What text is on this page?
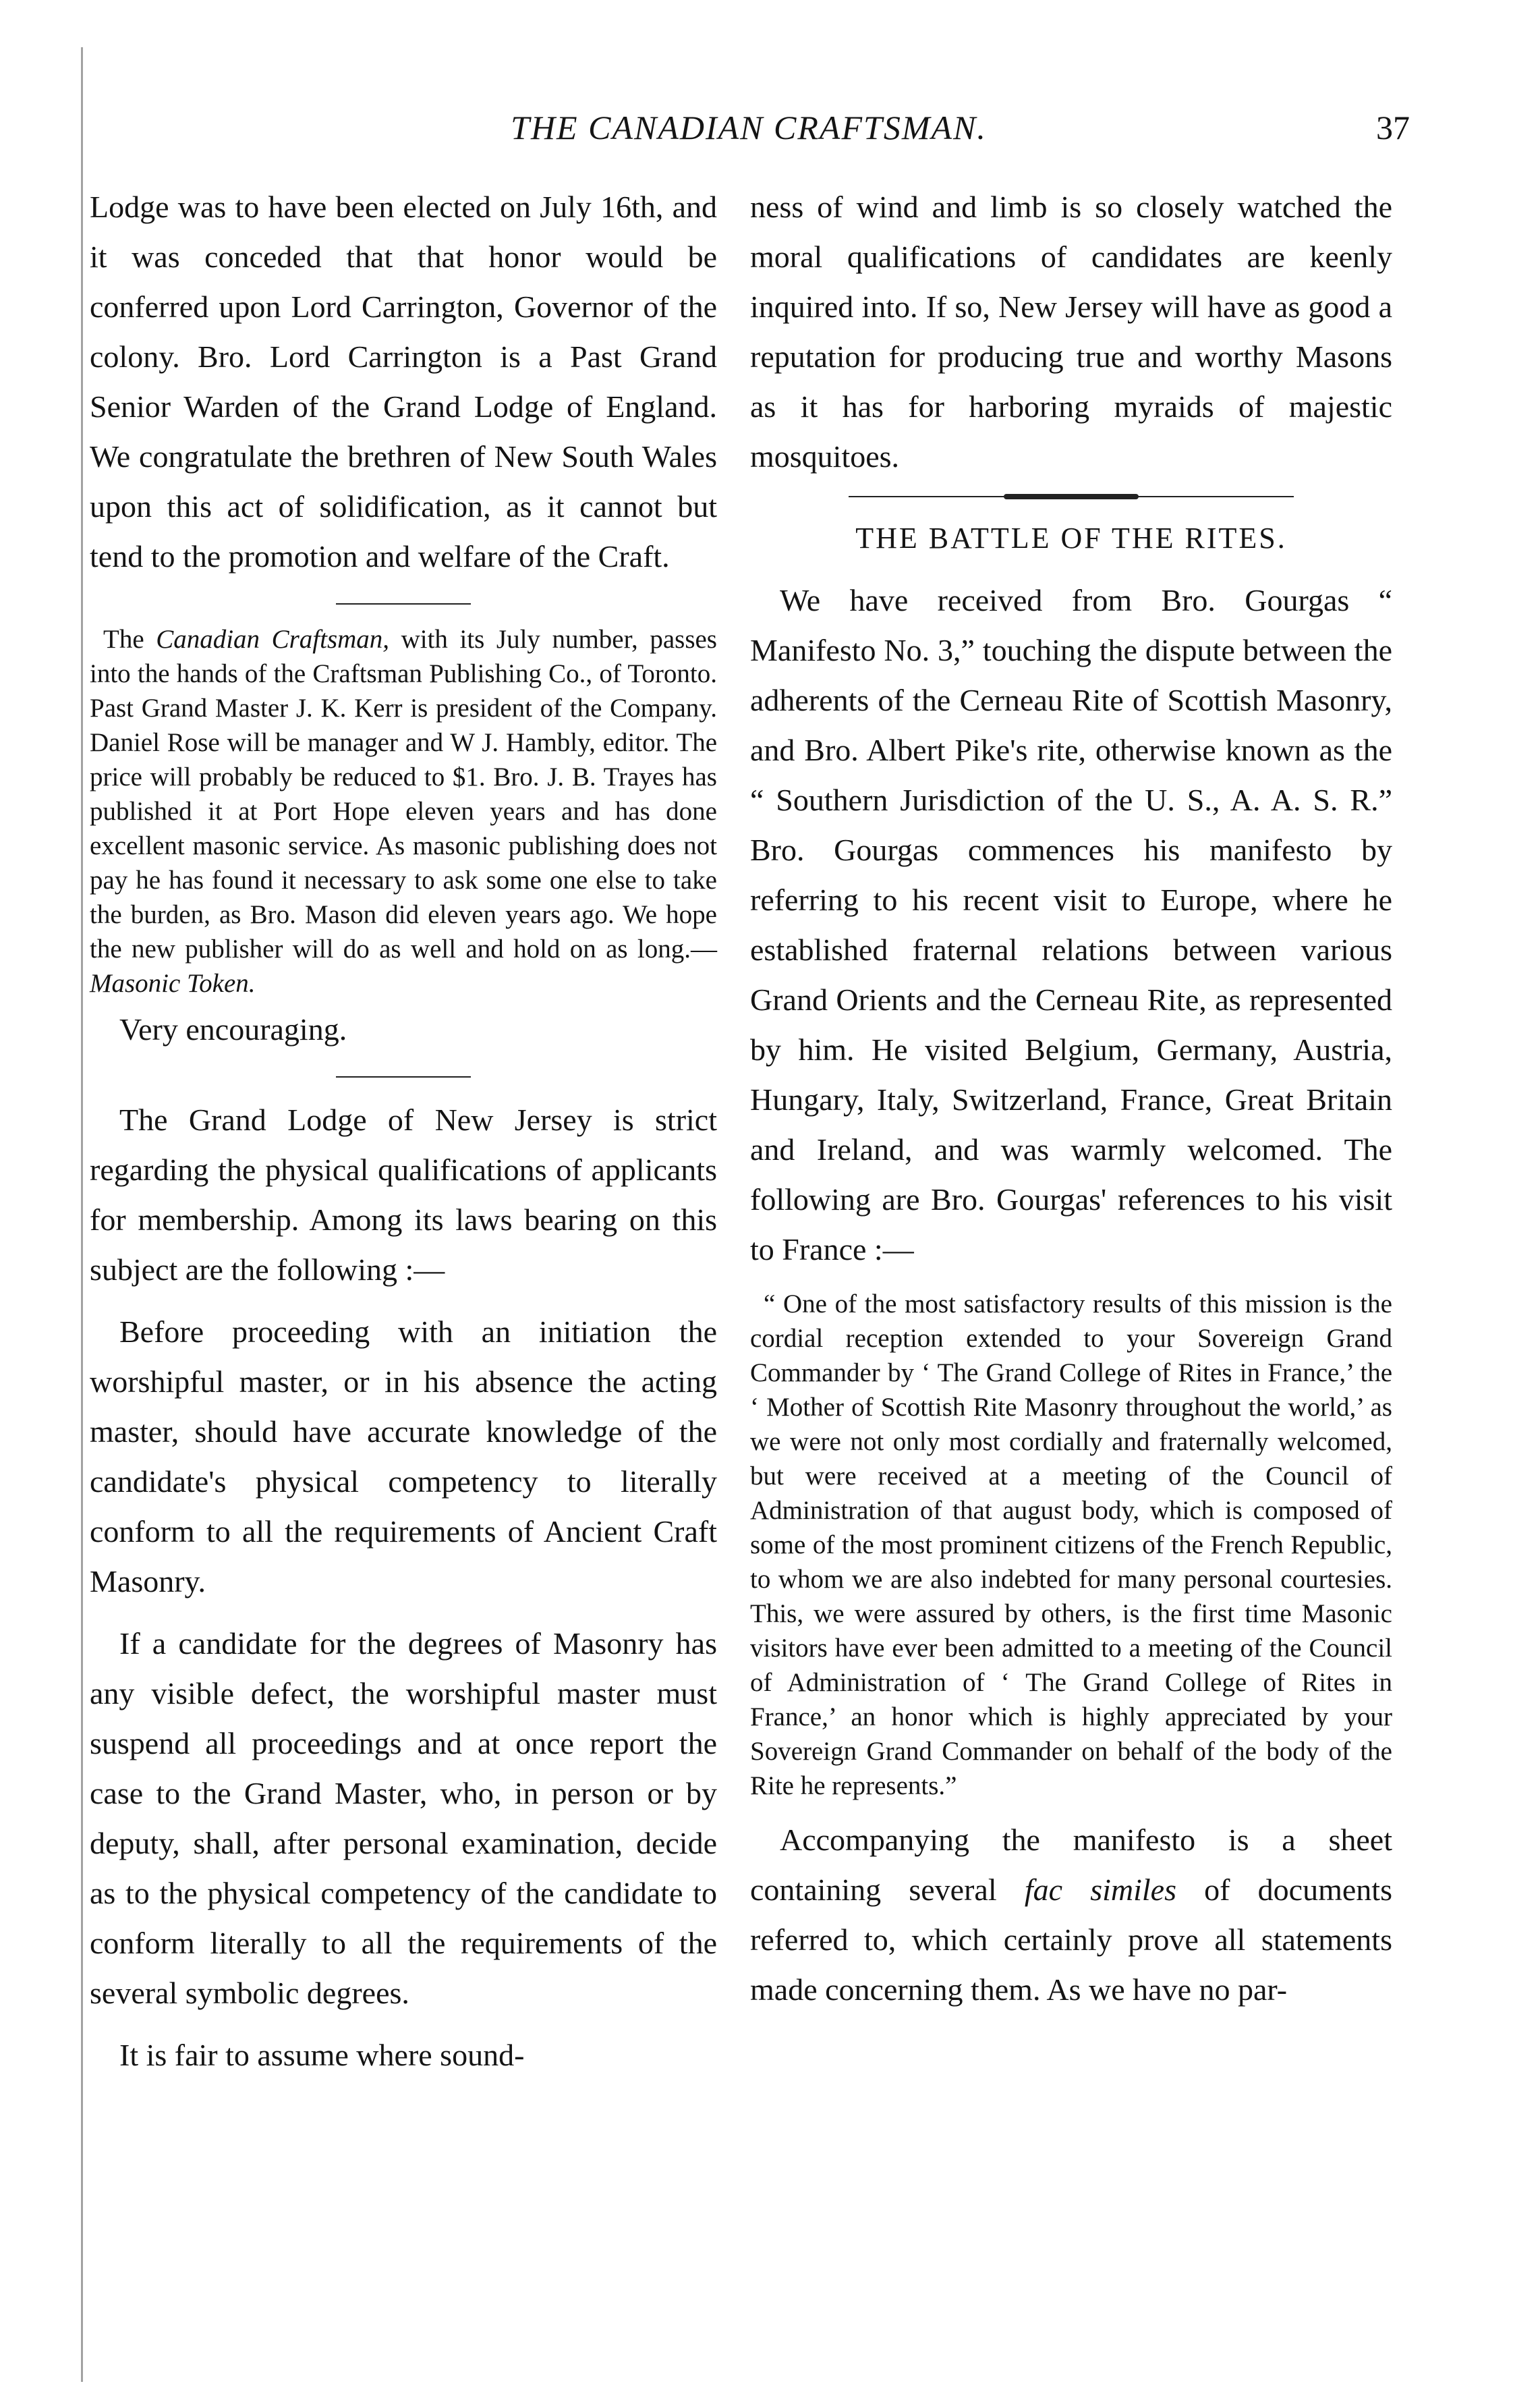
THE CANADIAN CRAFTSMAN.	37

Lodge was to have been elected on July 16th, and it was conceded that that honor would be conferred upon Lord Carrington, Governor of the colony. Bro. Lord Carrington is a Past Grand Senior Warden of the Grand Lodge of England. We congratulate the brethren of New South Wales upon this act of solidification, as it cannot but tend to the promotion and welfare of the Craft.

The Canadian Craftsman, with its July number, passes into the hands of the Craftsman Publishing Co., of Toronto. Past Grand Master J. K. Kerr is president of the Company. Daniel Rose will be manager and W J. Hambly, editor. The price will probably be reduced to $1. Bro. J. B. Trayes has published it at Port Hope eleven years and has done excellent masonic service. As masonic publishing does not pay he has found it necessary to ask some one else to take the burden, as Bro. Mason did eleven years ago. We hope the new publisher will do as well and hold on as long.—Masonic Token.

Very encouraging.

The Grand Lodge of New Jersey is strict regarding the physical qualifications of applicants for membership. Among its laws bearing on this subject are the following :—

Before proceeding with an initiation the worshipful master, or in his absence the acting master, should have accurate knowledge of the candidate's physical competency to literally conform to all the requirements of Ancient Craft Masonry.

If a candidate for the degrees of Masonry has any visible defect, the worshipful master must suspend all proceedings and at once report the case to the Grand Master, who, in person or by deputy, shall, after personal examination, decide as to the physical competency of the candidate to conform literally to all the requirements of the several symbolic degrees.

It is fair to assume where sound-

ness of wind and limb is so closely watched the moral qualifications of candidates are keenly inquired into. If so, New Jersey will have as good a reputation for producing true and worthy Masons as it has for harboring myraids of majestic mosquitoes.

THE BATTLE OF THE RITES.

We have received from Bro. Gourgas “ Manifesto No. 3,” touching the dispute between the adherents of the Cerneau Rite of Scottish Masonry, and Bro. Albert Pike's rite, otherwise known as the “ Southern Jurisdiction of the U. S., A. A. S. R.” Bro. Gourgas commences his manifesto by referring to his recent visit to Europe, where he established fraternal relations between various Grand Orients and the Cerneau Rite, as represented by him. He visited Belgium, Germany, Austria, Hungary, Italy, Switzerland, France, Great Britain and Ireland, and was warmly welcomed. The following are Bro. Gourgas' references to his visit to France :—

“ One of the most satisfactory results of this mission is the cordial reception extended to your Sovereign Grand Commander by ‘ The Grand College of Rites in France,’ the ‘ Mother of Scottish Rite Masonry throughout the world,’ as we were not only most cordially and fraternally welcomed, but were received at a meeting of the Council of Administration of that august body, which is composed of some of the most prominent citizens of the French Republic, to whom we are also indebted for many personal courtesies. This, we were assured by others, is the first time Masonic visitors have ever been admitted to a meeting of the Council of Administration of ‘ The Grand College of Rites in France,’ an honor which is highly appreciated by your Sovereign Grand Commander on behalf of the body of the Rite he represents.”

Accompanying the manifesto is a sheet containing several fac similes of documents referred to, which certainly prove all statements made concerning them. As we have no par-
